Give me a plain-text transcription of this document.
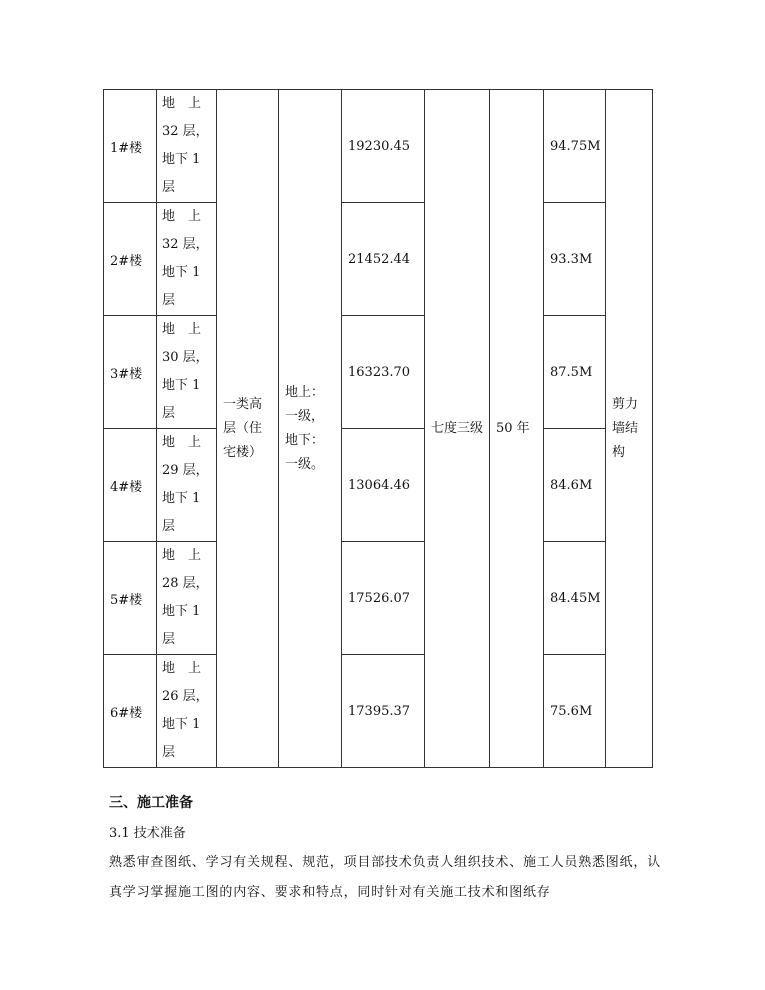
1#楼	地　上
32 层，
地下 1
层	一类高层（住宅楼）	地上：一级，地下：一级。	19230.45	七度三级	50 年	94.75M	剪力墙结构
2#楼	地　上
32 层，
地下 1
层			21452.44			93.3M	
3#楼	地　上
30 层，
地下 1
层			16323.70			87.5M	
4#楼	地　上
29 层，
地下 1
层			13064.46			84.6M	
5#楼	地　上
28 层，
地下 1
层			17526.07			84.45M	
6#楼	地　上
26 层，
地下 1
层			17395.37			75.6M	

三、施工准备

3.1 技术准备

熟悉审查图纸、学习有关规程、规范，项目部技术负责人组织技术、施工人员熟悉图纸，认真学习掌握施工图的内容、要求和特点，同时针对有关施工技术和图纸存
